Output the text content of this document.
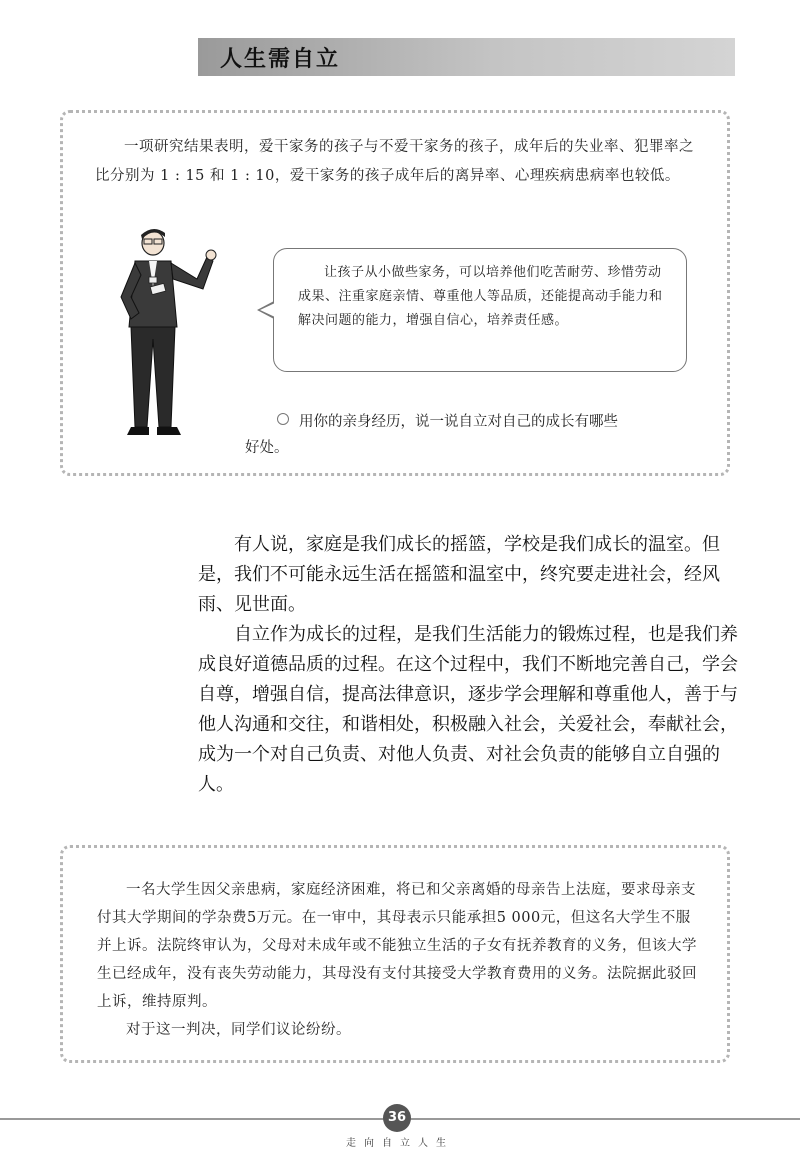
人生需自立

一项研究结果表明，爱干家务的孩子与不爱干家务的孩子，成年后的失业率、犯罪率之比分别为 1 : 15 和 1 : 10，爱干家务的孩子成年后的离异率、心理疾病患病率也较低。

让孩子从小做些家务，可以培养他们吃苦耐劳、珍惜劳动成果、注重家庭亲情、尊重他人等品质，还能提高动手能力和解决问题的能力，增强自信心，培养责任感。

用你的亲身经历，说一说自立对自己的成长有哪些
好处。

有人说，家庭是我们成长的摇篮，学校是我们成长的温室。但是，我们不可能永远生活在摇篮和温室中，终究要走进社会，经风雨、见世面。

自立作为成长的过程，是我们生活能力的锻炼过程，也是我们养成良好道德品质的过程。在这个过程中，我们不断地完善自己，学会自尊，增强自信，提高法律意识，逐步学会理解和尊重他人，善于与他人沟通和交往，和谐相处，积极融入社会，关爱社会，奉献社会，成为一个对自己负责、对他人负责、对社会负责的能够自立自强的人。

一名大学生因父亲患病，家庭经济困难，将已和父亲离婚的母亲告上法庭，要求母亲支付其大学期间的学杂费5万元。在一审中，其母表示只能承担5 000元，但这名大学生不服并上诉。法院终审认为，父母对未成年或不能独立生活的子女有抚养教育的义务，但该大学生已经成年，没有丧失劳动能力，其母没有支付其接受大学教育费用的义务。法院据此驳回上诉，维持原判。

对于这一判决，同学们议论纷纷。

36
走向自立人生
